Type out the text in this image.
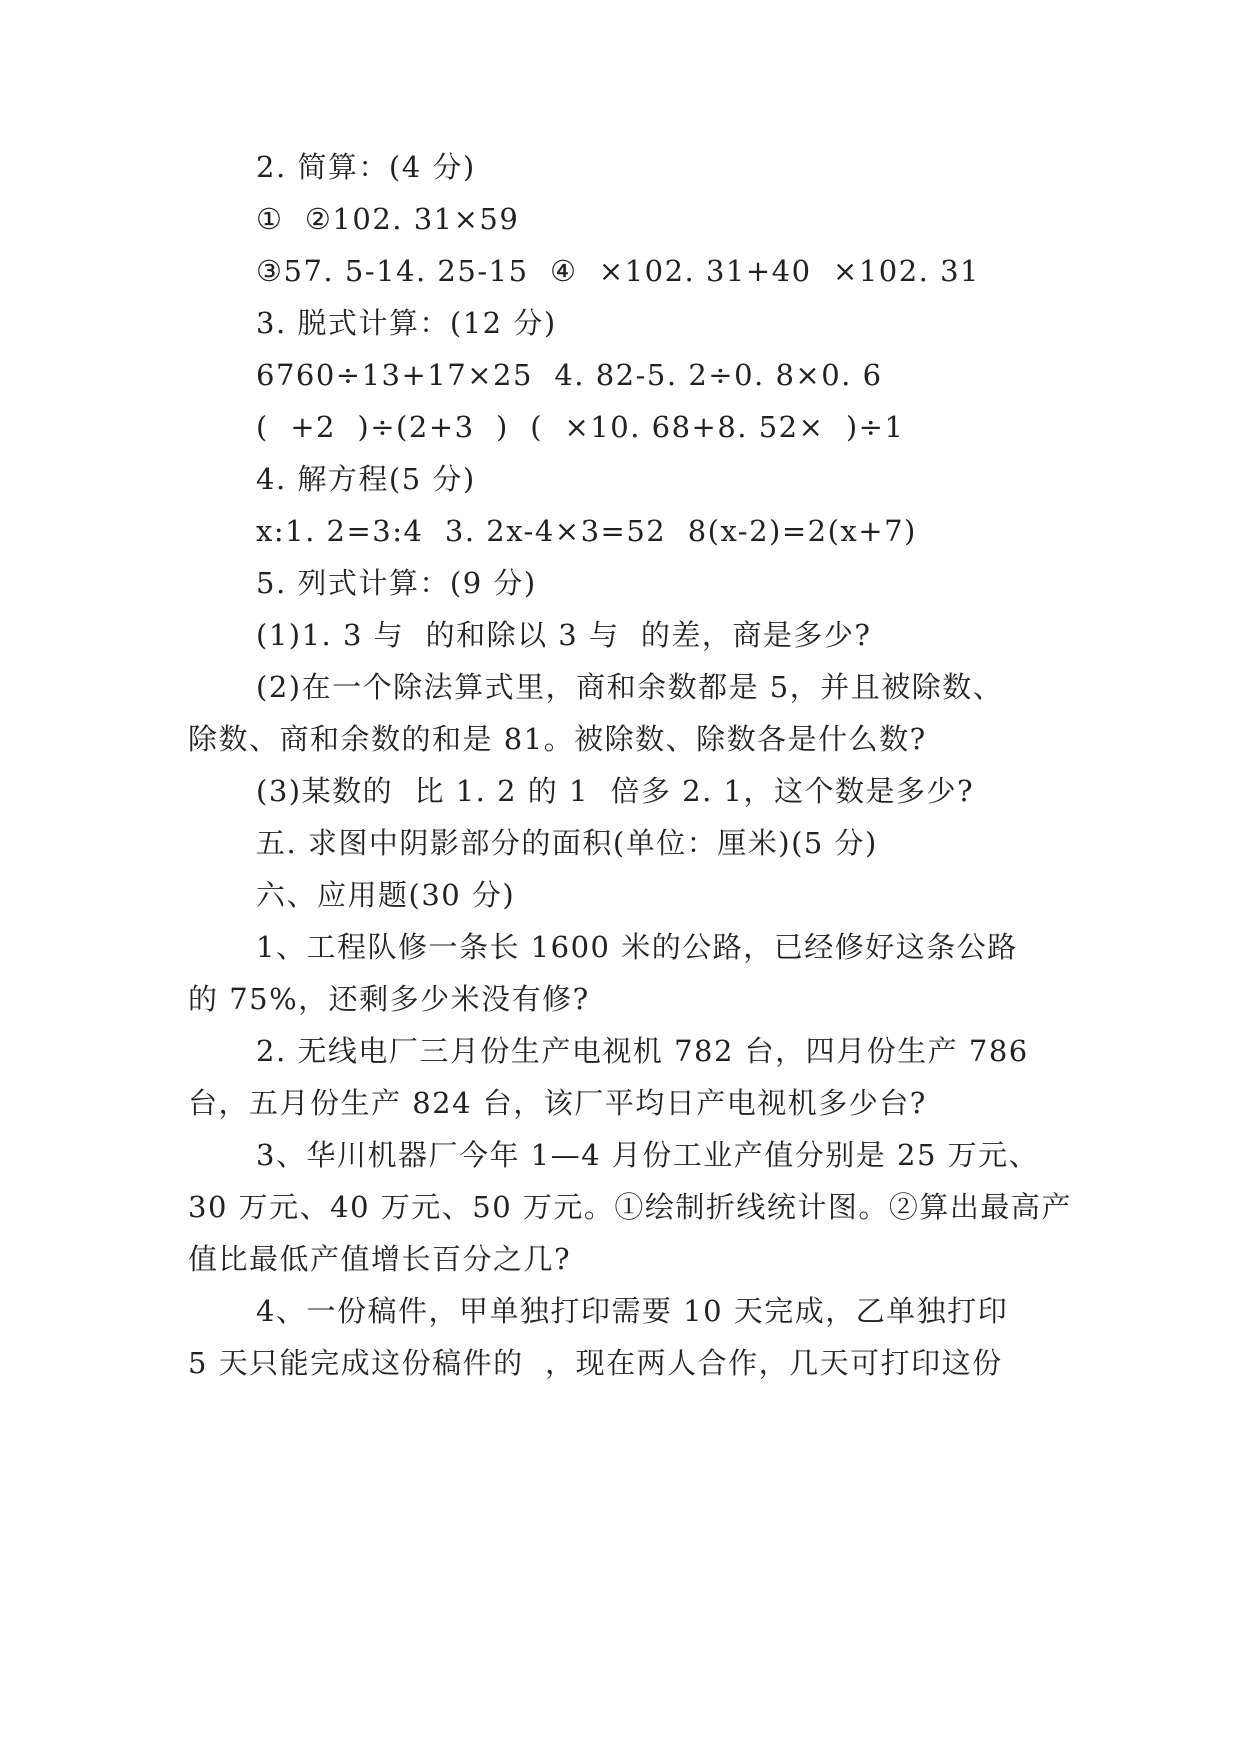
2. 简算：(4 分)
①  ②102. 31×59
③57. 5-14. 25-15  ④  ×102. 31+40  ×102. 31
3. 脱式计算：(12 分)
6760÷13+17×25  4. 82-5. 2÷0. 8×0. 6
(  +2  )÷(2+3  )  (  ×10. 68+8. 52×  )÷1
4. 解方程(5 分)
x:1. 2=3:4  3. 2x-4×3=52  8(x-2)=2(x+7)
5. 列式计算：(9 分)
(1)1. 3 与  的和除以 3 与  的差，商是多少?
(2)在一个除法算式里，商和余数都是 5，并且被除数、
除数、商和余数的和是 81。被除数、除数各是什么数?
(3)某数的  比 1. 2 的 1  倍多 2. 1，这个数是多少?
五. 求图中阴影部分的面积(单位：厘米)(5 分)
六、应用题(30 分)
1、工程队修一条长 1600 米的公路，已经修好这条公路
的 75%，还剩多少米没有修?
2. 无线电厂三月份生产电视机 782 台，四月份生产 786
台，五月份生产 824 台，该厂平均日产电视机多少台?
3、华川机器厂今年 1—4 月份工业产值分别是 25 万元、
30 万元、40 万元、50 万元。①绘制折线统计图。②算出最高产
值比最低产值增长百分之几?
4、一份稿件，甲单独打印需要 10 天完成，乙单独打印
5 天只能完成这份稿件的  ，现在两人合作，几天可打印这份
